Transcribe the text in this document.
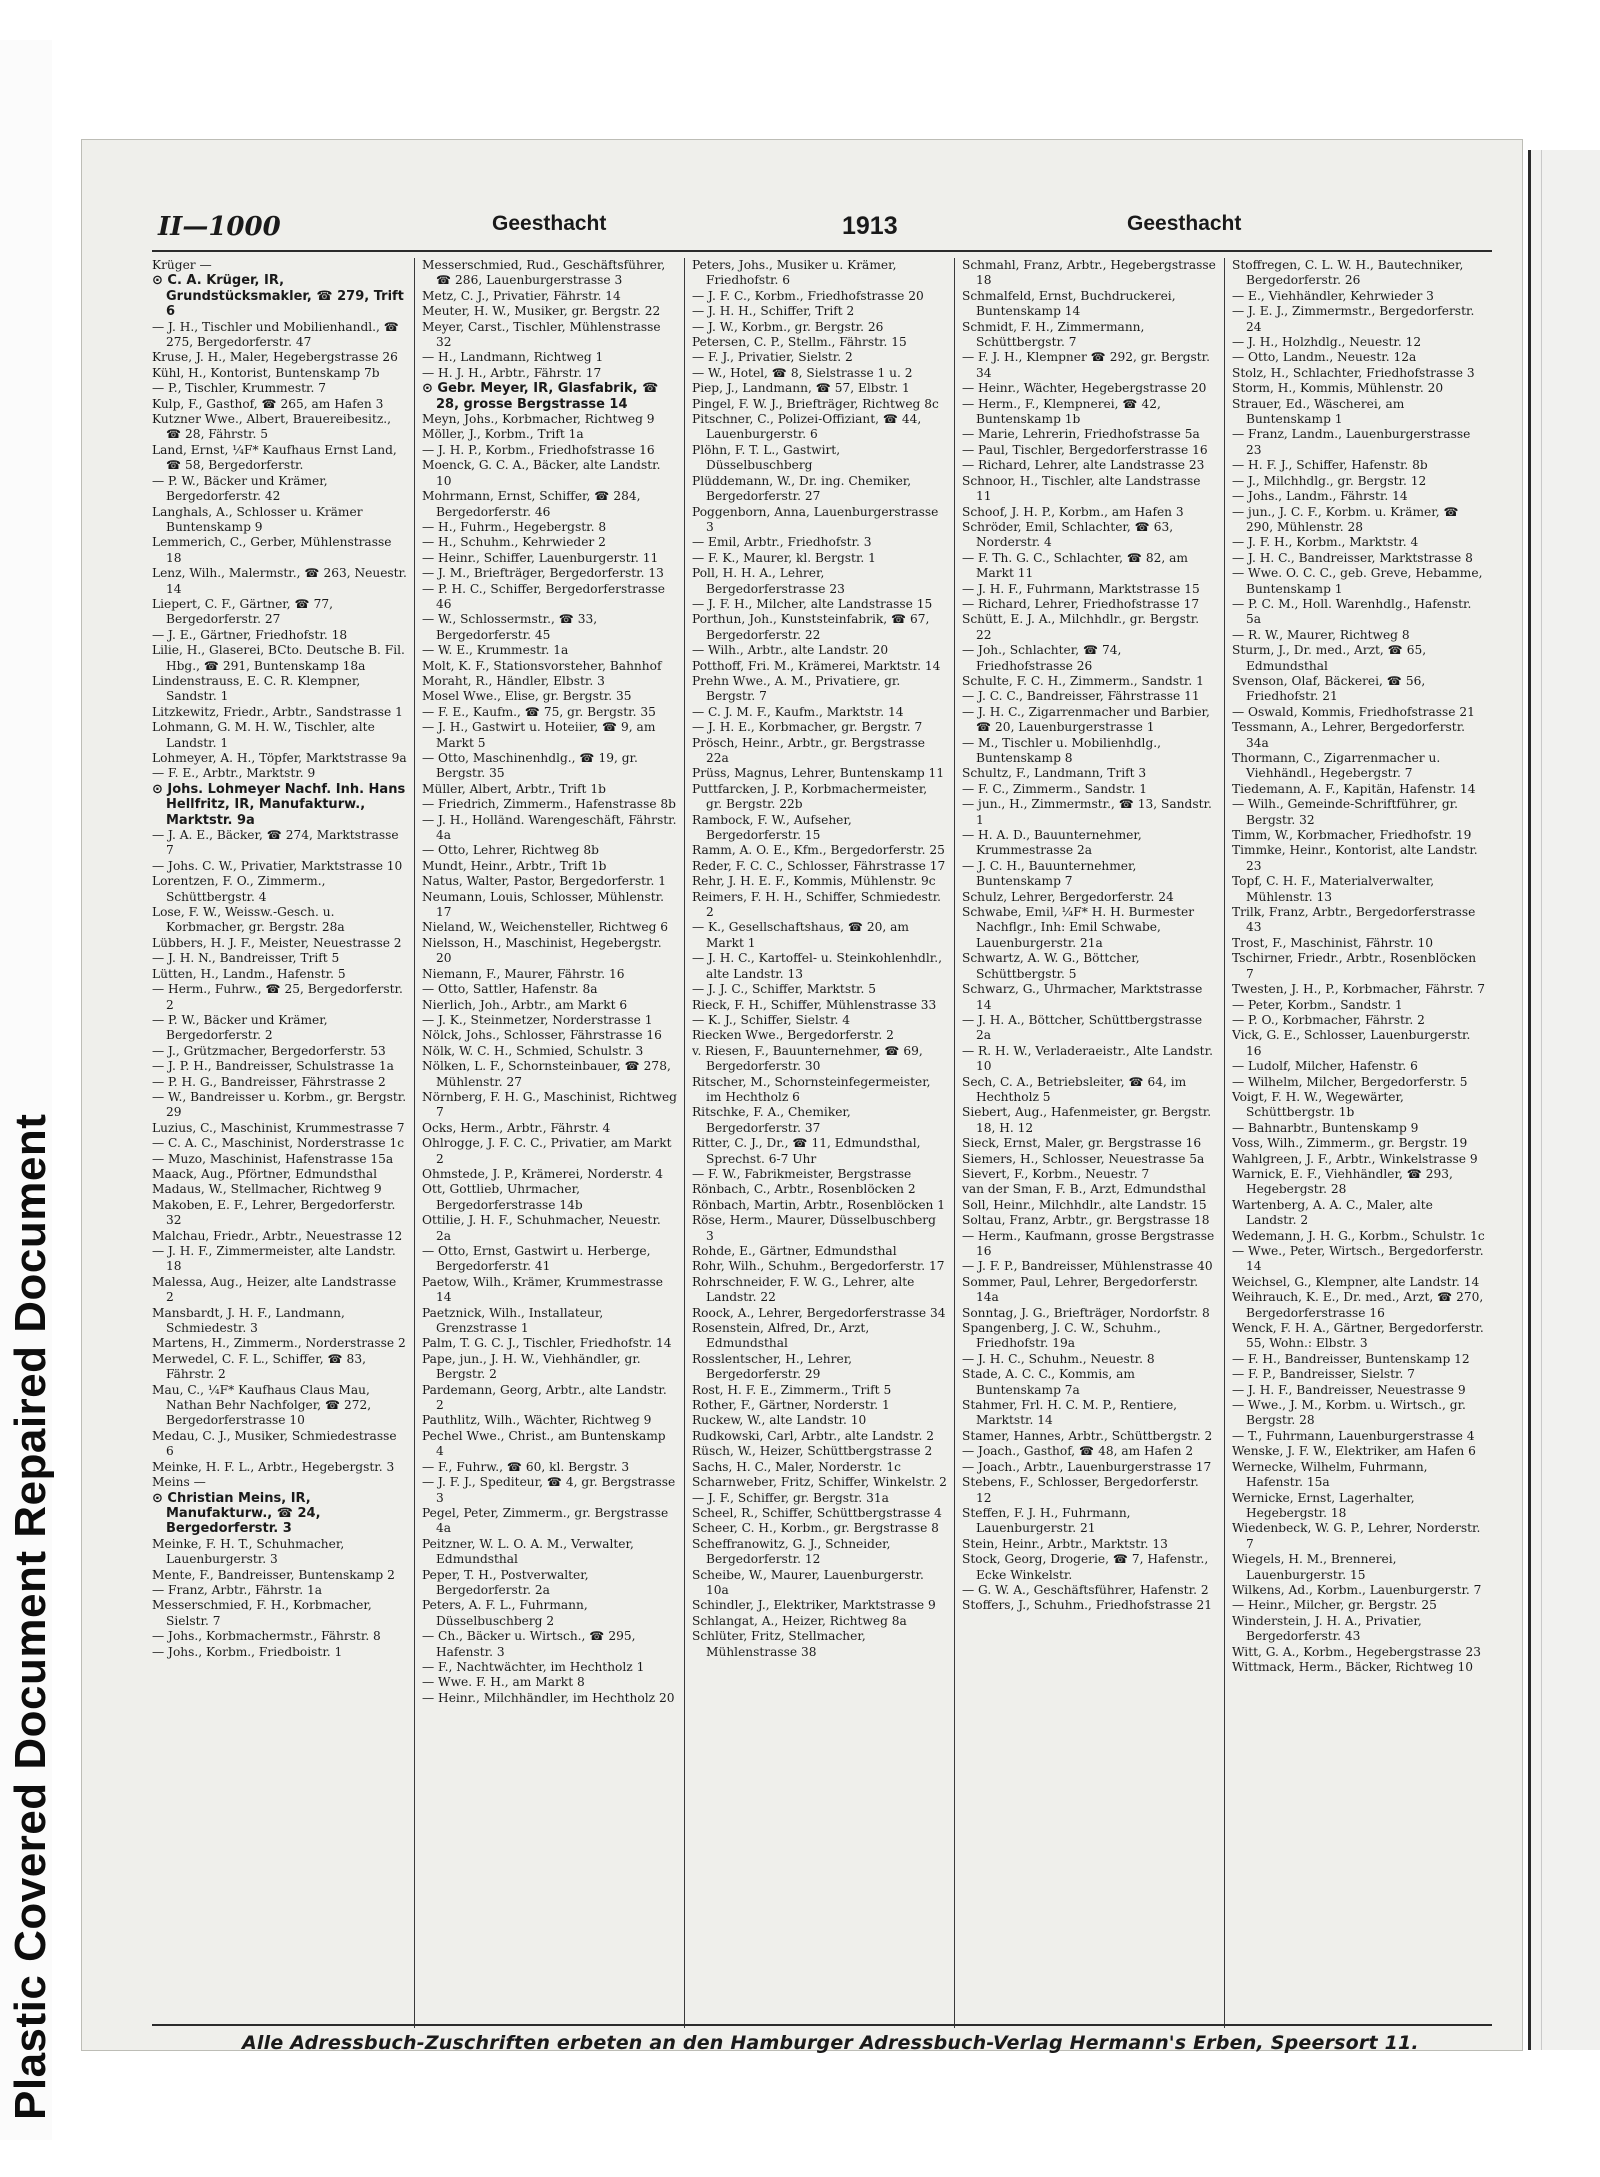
Plastic Covered Document Repaired Document
II—1000	Geesthacht	1913	Geesthacht

Krüger —

⊙ C. A. Krüger, IR, Grundstücksmakler, ☎ 279, Trift 6

— J. H., Tischler und Mobilienhandl., ☎ 275, Bergedorferstr. 47

Kruse, J. H., Maler, Hegebergstrasse 26

Kühl, H., Kontorist, Buntenskamp 7b

— P., Tischler, Krummestr. 7

Kulp, F., Gasthof, ☎ 265, am Hafen 3

Kutzner Wwe., Albert, Brauereibesitz., ☎ 28, Fährstr. 5

Land, Ernst, ¼F* Kaufhaus Ernst Land, ☎ 58, Bergedorferstr.

— P. W., Bäcker und Krämer, Bergedorferstr. 42

Langhals, A., Schlosser u. Krämer Buntenskamp 9

Lemmerich, C., Gerber, Mühlenstrasse 18

Lenz, Wilh., Malermstr., ☎ 263, Neuestr. 14

Liepert, C. F., Gärtner, ☎ 77, Bergedorferstr. 27

— J. E., Gärtner, Friedhofstr. 18

Lilie, H., Glaserei, BCto. Deutsche B. Fil. Hbg., ☎ 291, Buntenskamp 18a

Lindenstrauss, E. C. R. Klempner, Sandstr. 1

Litzkewitz, Friedr., Arbtr., Sandstrasse 1

Lohmann, G. M. H. W., Tischler, alte Landstr. 1

Lohmeyer, A. H., Töpfer, Marktstrasse 9a

— F. E., Arbtr., Marktstr. 9

⊙ Johs. Lohmeyer Nachf. Inh. Hans Hellfritz, IR, Manufakturw., Marktstr. 9a

— J. A. E., Bäcker, ☎ 274, Marktstrasse 7

— Johs. C. W., Privatier, Marktstrasse 10

Lorentzen, F. O., Zimmerm., Schüttbergstr. 4

Lose, F. W., Weissw.-Gesch. u. Korbmacher, gr. Bergstr. 28a

Lübbers, H. J. F., Meister, Neuestrasse 2

— J. H. N., Bandreisser, Trift 5

Lütten, H., Landm., Hafenstr. 5

— Herm., Fuhrw., ☎ 25, Bergedorferstr. 2

— P. W., Bäcker und Krämer, Bergedorferstr. 2

— J., Grützmacher, Bergedorferstr. 53

— J. P. H., Bandreisser, Schulstrasse 1a

— P. H. G., Bandreisser, Fährstrasse 2

— W., Bandreisser u. Korbm., gr. Bergstr. 29

Luzius, C., Maschinist, Krummestrasse 7

— C. A. C., Maschinist, Norderstrasse 1c

— Muzo, Maschinist, Hafenstrasse 15a

Maack, Aug., Pförtner, Edmundsthal

Madaus, W., Stellmacher, Richtweg 9

Makoben, E. F., Lehrer, Bergedorferstr. 32

Malchau, Friedr., Arbtr., Neuestrasse 12

— J. H. F., Zimmermeister, alte Landstr. 18

Malessa, Aug., Heizer, alte Landstrasse 2

Mansbardt, J. H. F., Landmann, Schmiedestr. 3

Martens, H., Zimmerm., Norderstrasse 2

Merwedel, C. F. L., Schiffer, ☎ 83, Fährstr. 2

Mau, C., ¼F* Kaufhaus Claus Mau, Nathan Behr Nachfolger, ☎ 272, Bergedorferstrasse 10

Medau, C. J., Musiker, Schmiedestrasse 6

Meinke, H. F. L., Arbtr., Hegebergstr. 3

Meins —

⊙ Christian Meins, IR, Manufakturw., ☎ 24, Bergedorferstr. 3

Meinke, F. H. T., Schuhmacher, Lauenburgerstr. 3

Mente, F., Bandreisser, Buntenskamp 2

— Franz, Arbtr., Fährstr. 1a

Messerschmied, F. H., Korbmacher, Sielstr. 7

— Johs., Korbmachermstr., Fährstr. 8

— Johs., Korbm., Friedboistr. 1

Messerschmied, Rud., Geschäftsführer, ☎ 286, Lauenburgerstrasse 3

Metz, C. J., Privatier, Fährstr. 14

Meuter, H. W., Musiker, gr. Bergstr. 22

Meyer, Carst., Tischler, Mühlenstrasse 32

— H., Landmann, Richtweg 1

— H. J. H., Arbtr., Fährstr. 17

⊙ Gebr. Meyer, IR, Glasfabrik, ☎ 28, grosse Bergstrasse 14

Meyn, Johs., Korbmacher, Richtweg 9

Möller, J., Korbm., Trift 1a

— J. H. P., Korbm., Friedhofstrasse 16

Moenck, G. C. A., Bäcker, alte Landstr. 10

Mohrmann, Ernst, Schiffer, ☎ 284, Bergedorferstr. 46

— H., Fuhrm., Hegebergstr. 8

— H., Schuhm., Kehrwieder 2

— Heinr., Schiffer, Lauenburgerstr. 11

— J. M., Briefträger, Bergedorferstr. 13

— P. H. C., Schiffer, Bergedorferstrasse 46

— W., Schlossermstr., ☎ 33, Bergedorferstr. 45

— W. E., Krummestr. 1a

Molt, K. F., Stationsvorsteher, Bahnhof

Moraht, R., Händler, Elbstr. 3

Mosel Wwe., Elise, gr. Bergstr. 35

— F. E., Kaufm., ☎ 75, gr. Bergstr. 35

— J. H., Gastwirt u. Hoteiier, ☎ 9, am Markt 5

— Otto, Maschinenhdlg., ☎ 19, gr. Bergstr. 35

Müller, Albert, Arbtr., Trift 1b

— Friedrich, Zimmerm., Hafenstrasse 8b

— J. H., Holländ. Warengeschäft, Fährstr. 4a

— Otto, Lehrer, Richtweg 8b

Mundt, Heinr., Arbtr., Trift 1b

Natus, Walter, Pastor, Bergedorferstr. 1

Neumann, Louis, Schlosser, Mühlenstr. 17

Nieland, W., Weichensteller, Richtweg 6

Nielsson, H., Maschinist, Hegebergstr. 20

Niemann, F., Maurer, Fährstr. 16

— Otto, Sattler, Hafenstr. 8a

Nierlich, Joh., Arbtr., am Markt 6

— J. K., Steinmetzer, Norderstrasse 1

Nölck, Johs., Schlosser, Fährstrasse 16

Nölk, W. C. H., Schmied, Schulstr. 3

Nölken, L. F., Schornsteinbauer, ☎ 278, Mühlenstr. 27

Nörnberg, F. H. G., Maschinist, Richtweg 7

Ocks, Herm., Arbtr., Fährstr. 4

Ohlrogge, J. F. C. C., Privatier, am Markt 2

Ohmstede, J. P., Krämerei, Norderstr. 4

Ott, Gottlieb, Uhrmacher, Bergedorferstrasse 14b

Ottilie, J. H. F., Schuhmacher, Neuestr. 2a

— Otto, Ernst, Gastwirt u. Herberge, Bergedorferstr. 41

Paetow, Wilh., Krämer, Krummestrasse 14

Paetznick, Wilh., Installateur, Grenzstrasse 1

Palm, T. G. C. J., Tischler, Friedhofstr. 14

Pape, jun., J. H. W., Viehhändler, gr. Bergstr. 2

Pardemann, Georg, Arbtr., alte Landstr. 2

Pauthlitz, Wilh., Wächter, Richtweg 9

Pechel Wwe., Christ., am Buntenskamp 4

— F., Fuhrw., ☎ 60, kl. Bergstr. 3

— J. F. J., Spediteur, ☎ 4, gr. Bergstrasse 3

Pegel, Peter, Zimmerm., gr. Bergstrasse 4a

Peitzner, W. L. O. A. M., Verwalter, Edmundsthal

Peper, T. H., Postverwalter, Bergedorferstr. 2a

Peters, A. F. L., Fuhrmann, Düsselbuschberg 2

— Ch., Bäcker u. Wirtsch., ☎ 295, Hafenstr. 3

— F., Nachtwächter, im Hechtholz 1

— Wwe. F. H., am Markt 8

— Heinr., Milchhändler, im Hechtholz 20

Peters, Johs., Musiker u. Krämer, Friedhofstr. 6

— J. F. C., Korbm., Friedhofstrasse 20

— J. H. H., Schiffer, Trift 2

— J. W., Korbm., gr. Bergstr. 26

Petersen, C. P., Stellm., Fährstr. 15

— F. J., Privatier, Sielstr. 2

— W., Hotel, ☎ 8, Sielstrasse 1 u. 2

Piep, J., Landmann, ☎ 57, Elbstr. 1

Pingel, F. W. J., Briefträger, Richtweg 8c

Pitschner, C., Polizei-Offiziant, ☎ 44, Lauenburgerstr. 6

Plöhn, F. T. L., Gastwirt, Düsselbuschberg

Plüddemann, W., Dr. ing. Chemiker, Bergedorferstr. 27

Poggenborn, Anna, Lauenburgerstrasse 3

— Emil, Arbtr., Friedhofstr. 3

— F. K., Maurer, kl. Bergstr. 1

Poll, H. H. A., Lehrer, Bergedorferstrasse 23

— J. F. H., Milcher, alte Landstrasse 15

Porthun, Joh., Kunststeinfabrik, ☎ 67, Bergedorferstr. 22

— Wilh., Arbtr., alte Landstr. 20

Potthoff, Fri. M., Krämerei, Marktstr. 14

Prehn Wwe., A. M., Privatiere, gr. Bergstr. 7

— C. J. M. F., Kaufm., Marktstr. 14

— J. H. E., Korbmacher, gr. Bergstr. 7

Prösch, Heinr., Arbtr., gr. Bergstrasse 22a

Prüss, Magnus, Lehrer, Buntenskamp 11

Puttfarcken, J. P., Korbmachermeister, gr. Bergstr. 22b

Rambock, F. W., Aufseher, Bergedorferstr. 15

Ramm, A. O. E., Kfm., Bergedorferstr. 25

Reder, F. C. C., Schlosser, Fährstrasse 17

Rehr, J. H. E. F., Kommis, Mühlenstr. 9c

Reimers, F. H. H., Schiffer, Schmiedestr. 2

— K., Gesellschaftshaus, ☎ 20, am Markt 1

— J. H. C., Kartoffel- u. Steinkohlenhdlr., alte Landstr. 13

— J. J. C., Schiffer, Marktstr. 5

Rieck, F. H., Schiffer, Mühlenstrasse 33

— K. J., Schiffer, Sielstr. 4

Riecken Wwe., Bergedorferstr. 2

v. Riesen, F., Bauunternehmer, ☎ 69, Bergedorferstr. 30

Ritscher, M., Schornsteinfegermeister, im Hechtholz 6

Ritschke, F. A., Chemiker, Bergedorferstr. 37

Ritter, C. J., Dr., ☎ 11, Edmundsthal, Sprechst. 6-7 Uhr

— F. W., Fabrikmeister, Bergstrasse

Rönbach, C., Arbtr., Rosenblöcken 2

Rönbach, Martin, Arbtr., Rosenblöcken 1

Röse, Herm., Maurer, Düsselbuschberg 3

Rohde, E., Gärtner, Edmundsthal

Rohr, Wilh., Schuhm., Bergedorferstr. 17

Rohrschneider, F. W. G., Lehrer, alte Landstr. 22

Roock, A., Lehrer, Bergedorferstrasse 34

Rosenstein, Alfred, Dr., Arzt, Edmundsthal

Rosslentscher, H., Lehrer, Bergedorferstr. 29

Rost, H. F. E., Zimmerm., Trift 5

Rother, F., Gärtner, Norderstr. 1

Ruckew, W., alte Landstr. 10

Rudkowski, Carl, Arbtr., alte Landstr. 2

Rüsch, W., Heizer, Schüttbergstrasse 2

Sachs, H. C., Maler, Norderstr. 1c

Scharnweber, Fritz, Schiffer, Winkelstr. 2

— J. F., Schiffer, gr. Bergstr. 31a

Scheel, R., Schiffer, Schüttbergstrasse 4

Scheer, C. H., Korbm., gr. Bergstrasse 8

Scheffranowitz, G. J., Schneider, Bergedorferstr. 12

Scheibe, W., Maurer, Lauenburgerstr. 10a

Schindler, J., Elektriker, Marktstrasse 9

Schlangat, A., Heizer, Richtweg 8a

Schlüter, Fritz, Stellmacher, Mühlenstrasse 38

Schmahl, Franz, Arbtr., Hegebergstrasse 18

Schmalfeld, Ernst, Buchdruckerei, Buntenskamp 14

Schmidt, F. H., Zimmermann, Schüttbergstr. 7

— F. J. H., Klempner ☎ 292, gr. Bergstr. 34

— Heinr., Wächter, Hegebergstrasse 20

— Herm., F., Klempnerei, ☎ 42, Buntenskamp 1b

— Marie, Lehrerin, Friedhofstrasse 5a

— Paul, Tischler, Bergedorferstrasse 16

— Richard, Lehrer, alte Landstrasse 23

Schnoor, H., Tischler, alte Landstrasse 11

Schoof, J. H. P., Korbm., am Hafen 3

Schröder, Emil, Schlachter, ☎ 63, Norderstr. 4

— F. Th. G. C., Schlachter, ☎ 82, am Markt 11

— J. H. F., Fuhrmann, Marktstrasse 15

— Richard, Lehrer, Friedhofstrasse 17

Schütt, E. J. A., Milchhdlr., gr. Bergstr. 22

— Joh., Schlachter, ☎ 74, Friedhofstrasse 26

Schulte, F. C. H., Zimmerm., Sandstr. 1

— J. C. C., Bandreisser, Fährstrasse 11

— J. H. C., Zigarrenmacher und Barbier, ☎ 20, Lauenburgerstrasse 1

— M., Tischler u. Mobilienhdlg., Buntenskamp 8

Schultz, F., Landmann, Trift 3

— F. C., Zimmerm., Sandstr. 1

— jun., H., Zimmermstr., ☎ 13, Sandstr. 1

— H. A. D., Bauunternehmer, Krummestrasse 2a

— J. C. H., Bauunternehmer, Buntenskamp 7

Schulz, Lehrer, Bergedorferstr. 24

Schwabe, Emil, ¼F* H. H. Burmester Nachflgr., Inh: Emil Schwabe, Lauenburgerstr. 21a

Schwartz, A. W. G., Böttcher, Schüttbergstr. 5

Schwarz, G., Uhrmacher, Marktstrasse 14

— J. H. A., Böttcher, Schüttbergstrasse 2a

— R. H. W., Verladeraeistr., Alte Landstr. 10

Sech, C. A., Betriebsleiter, ☎ 64, im Hechtholz 5

Siebert, Aug., Hafenmeister, gr. Bergstr. 18, H. 12

Sieck, Ernst, Maler, gr. Bergstrasse 16

Siemers, H., Schlosser, Neuestrasse 5a

Sievert, F., Korbm., Neuestr. 7

van der Sman, F. B., Arzt, Edmundsthal

Soll, Heinr., Milchhdlr., alte Landstr. 15

Soltau, Franz, Arbtr., gr. Bergstrasse 18

— Herm., Kaufmann, grosse Bergstrasse 16

— J. F. P., Bandreisser, Mühlenstrasse 40

Sommer, Paul, Lehrer, Bergedorferstr. 14a

Sonntag, J. G., Briefträger, Nordorfstr. 8

Spangenberg, J. C. W., Schuhm., Friedhofstr. 19a

— J. H. C., Schuhm., Neuestr. 8

Stade, A. C. C., Kommis, am Buntenskamp 7a

Stahmer, Frl. H. C. M. P., Rentiere, Marktstr. 14

Stamer, Hannes, Arbtr., Schüttbergstr. 2

— Joach., Gasthof, ☎ 48, am Hafen 2

— Joach., Arbtr., Lauenburgerstrasse 17

Stebens, F., Schlosser, Bergedorferstr. 12

Steffen, F. J. H., Fuhrmann, Lauenburgerstr. 21

Stein, Heinr., Arbtr., Marktstr. 13

Stock, Georg, Drogerie, ☎ 7, Hafenstr., Ecke Winkelstr.

— G. W. A., Geschäftsführer, Hafenstr. 2

Stoffers, J., Schuhm., Friedhofstrasse 21

Stoffregen, C. L. W. H., Bautechniker, Bergedorferstr. 26

— E., Viehhändler, Kehrwieder 3

— J. E. J., Zimmermstr., Bergedorferstr. 24

— J. H., Holzhdlg., Neuestr. 12

— Otto, Landm., Neuestr. 12a

Stolz, H., Schlachter, Friedhofstrasse 3

Storm, H., Kommis, Mühlenstr. 20

Strauer, Ed., Wäscherei, am Buntenskamp 1

— Franz, Landm., Lauenburgerstrasse 23

— H. F. J., Schiffer, Hafenstr. 8b

— J., Milchhdlg., gr. Bergstr. 12

— Johs., Landm., Fährstr. 14

— jun., J. C. F., Korbm. u. Krämer, ☎ 290, Mühlenstr. 28

— J. F. H., Korbm., Marktstr. 4

— J. H. C., Bandreisser, Marktstrasse 8

— Wwe. O. C. C., geb. Greve, Hebamme, Buntenskamp 1

— P. C. M., Holl. Warenhdlg., Hafenstr. 5a

— R. W., Maurer, Richtweg 8

Sturm, J., Dr. med., Arzt, ☎ 65, Edmundsthal

Svenson, Olaf, Bäckerei, ☎ 56, Friedhofstr. 21

— Oswald, Kommis, Friedhofstrasse 21

Tessmann, A., Lehrer, Bergedorferstr. 34a

Thormann, C., Zigarrenmacher u. Viehhändl., Hegebergstr. 7

Tiedemann, A. F., Kapitän, Hafenstr. 14

— Wilh., Gemeinde-Schriftführer, gr. Bergstr. 32

Timm, W., Korbmacher, Friedhofstr. 19

Timmke, Heinr., Kontorist, alte Landstr. 23

Topf, C. H. F., Materialverwalter, Mühlenstr. 13

Trilk, Franz, Arbtr., Bergedorferstrasse 43

Trost, F., Maschinist, Fährstr. 10

Tschirner, Friedr., Arbtr., Rosenblöcken 7

Twesten, J. H., P., Korbmacher, Fährstr. 7

— Peter, Korbm., Sandstr. 1

— P. O., Korbmacher, Fährstr. 2

Vick, G. E., Schlosser, Lauenburgerstr. 16

— Ludolf, Milcher, Hafenstr. 6

— Wilhelm, Milcher, Bergedorferstr. 5

Voigt, F. H. W., Wegewärter, Schüttbergstr. 1b

— Bahnarbtr., Buntenskamp 9

Voss, Wilh., Zimmerm., gr. Bergstr. 19

Wahlgreen, J. F., Arbtr., Winkelstrasse 9

Warnick, E. F., Viehhändler, ☎ 293, Hegebergstr. 28

Wartenberg, A. A. C., Maler, alte Landstr. 2

Wedemann, J. H. G., Korbm., Schulstr. 1c

— Wwe., Peter, Wirtsch., Bergedorferstr. 14

Weichsel, G., Klempner, alte Landstr. 14

Weihrauch, K. E., Dr. med., Arzt, ☎ 270, Bergedorferstrasse 16

Wenck, F. H. A., Gärtner, Bergedorferstr. 55, Wohn.: Elbstr. 3

— F. H., Bandreisser, Buntenskamp 12

— F. P., Bandreisser, Sielstr. 7

— J. H. F., Bandreisser, Neuestrasse 9

— Wwe., J. M., Korbm. u. Wirtsch., gr. Bergstr. 28

— T., Fuhrmann, Lauenburgerstrasse 4

Wenske, J. F. W., Elektriker, am Hafen 6

Wernecke, Wilhelm, Fuhrmann, Hafenstr. 15a

Wernicke, Ernst, Lagerhalter, Hegebergstr. 18

Wiedenbeck, W. G. P., Lehrer, Norderstr. 7

Wiegels, H. M., Brennerei, Lauenburgerstr. 15

Wilkens, Ad., Korbm., Lauenburgerstr. 7

— Heinr., Milcher, gr. Bergstr. 25

Winderstein, J. H. A., Privatier, Bergedorferstr. 43

Witt, G. A., Korbm., Hegebergstrasse 23

Wittmack, Herm., Bäcker, Richtweg 10

Alle Adressbuch-Zuschriften erbeten an den Hamburger Adressbuch-Verlag Hermann's Erben, Speersort 11.
